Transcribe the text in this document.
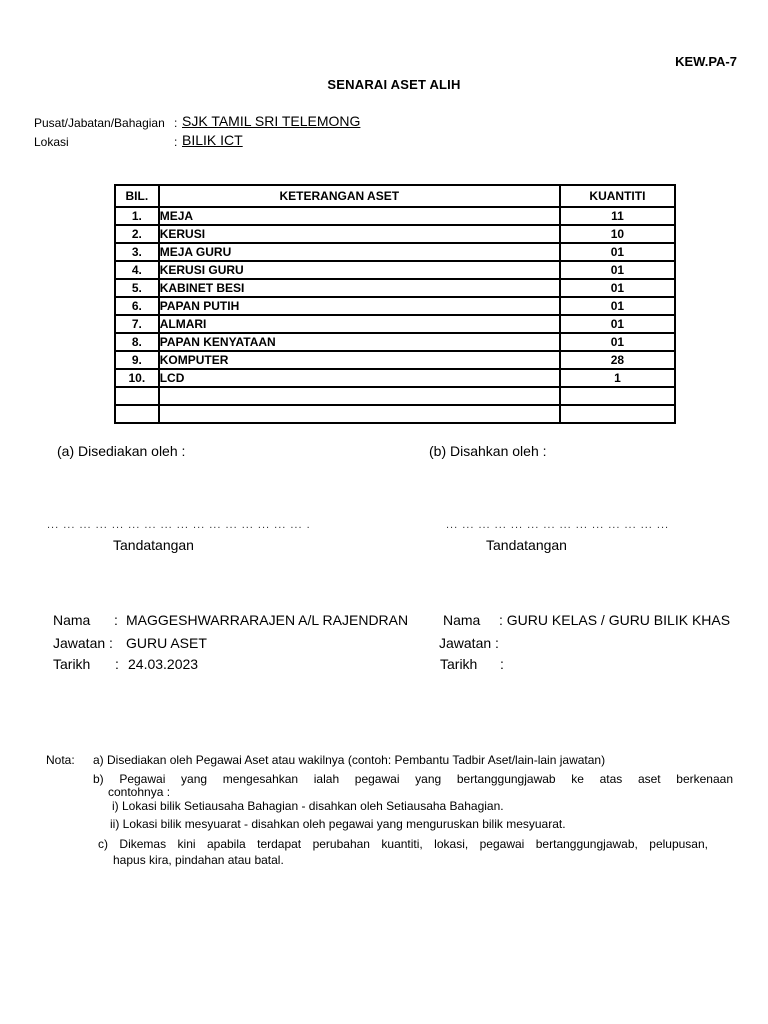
KEW.PA-7
SENARAI ASET ALIH
Pusat/Jabatan/Bahagian : SJK TAMIL SRI TELEMONG
Lokasi	: BILIK ICT
BIL.	KETERANGAN ASET	KUANTITI
1.	MEJA	11
2.	KERUSI	10
3.	MEJA GURU	01
4.	KERUSI GURU	01
5.	KABINET BESI	01
6.	PAPAN PUTIH	01
7.	ALMARI	01
8.	PAPAN KENYATAAN	01
9.	KOMPUTER	28
10.	LCD	1

(a) Disediakan oleh :	(b) Disahkan oleh :
... ... ... ... ... ... ... ... ... ... ... ... ... ... ... ... .	... ... ... ... ... ... ... ... ... ... ... ... ... ...
Tandatangan	Tandatangan
Nama : MAGGESHWARRARAJEN A/L RAJENDRAN
Jawatan : GURU ASET
Tarikh : 24.03.2023
Nama : GURU KELAS / GURU BILIK KHAS
Jawatan :
Tarikh :
Nota:	a) Disediakan oleh Pegawai Aset atau wakilnya (contoh: Pembantu Tadbir Aset/lain-lain jawatan)
b) Pegawai yang mengesahkan ialah pegawai yang bertanggungjawab ke atas aset berkenaan
contohnya :
i) Lokasi bilik Setiausaha Bahagian - disahkan oleh Setiausaha Bahagian.
ii) Lokasi bilik mesyuarat - disahkan oleh pegawai yang menguruskan bilik mesyuarat.
c) Dikemas kini apabila terdapat perubahan kuantiti, lokasi, pegawai bertanggungjawab, pelupusan,
hapus kira, pindahan atau batal.
